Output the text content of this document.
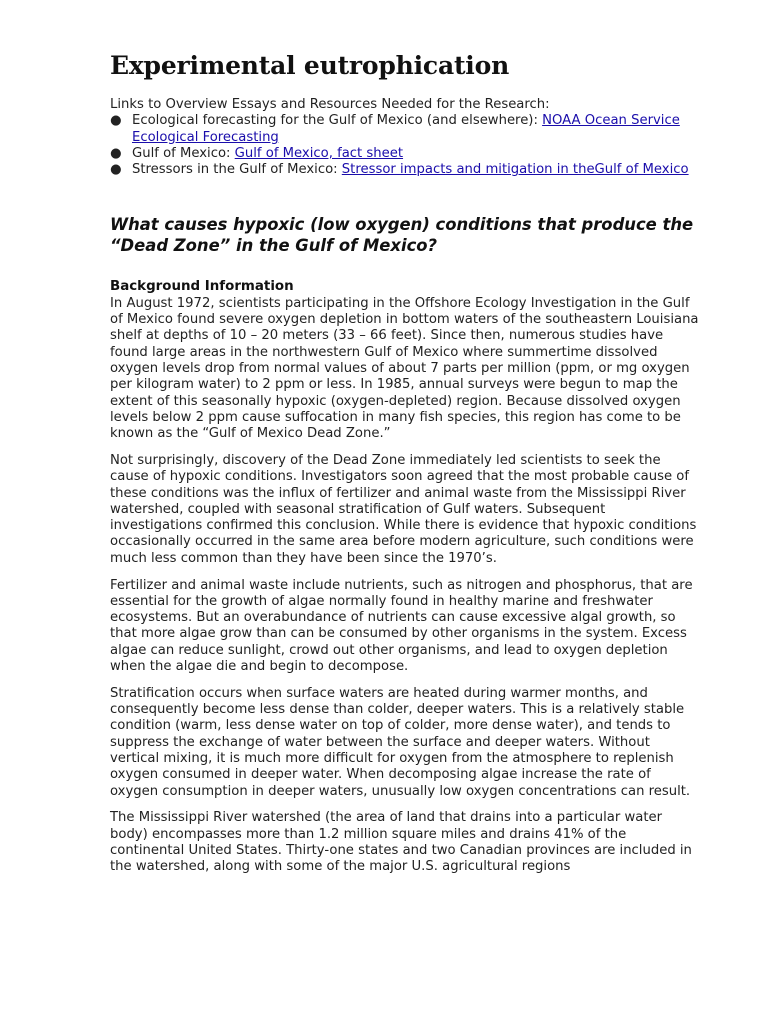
Experimental eutrophication
Links to Overview Essays and Resources Needed for the Research:
● Ecological forecasting for the Gulf of Mexico (and elsewhere): NOAA Ocean Service Ecological Forecasting
● Gulf of Mexico: Gulf of Mexico, fact sheet
● Stressors in the Gulf of Mexico: Stressor impacts and mitigation in theGulf of Mexico
What causes hypoxic (low oxygen) conditions that produce the “Dead Zone” in the Gulf of Mexico?
Background Information

In August 1972, scientists participating in the Offshore Ecology Investigation in the Gulf of Mexico found severe oxygen depletion in bottom waters of the southeastern Louisiana shelf at depths of 10 – 20 meters (33 – 66 feet). Since then, numerous studies have found large areas in the northwestern Gulf of Mexico where summertime dissolved oxygen levels drop from normal values of about 7 parts per million (ppm, or mg oxygen per kilogram water) to 2 ppm or less. In 1985, annual surveys were begun to map the extent of this seasonally hypoxic (oxygen-depleted) region. Because dissolved oxygen levels below 2 ppm cause suffocation in many fish species, this region has come to be known as the “Gulf of Mexico Dead Zone.”

Not surprisingly, discovery of the Dead Zone immediately led scientists to seek the cause of hypoxic conditions. Investigators soon agreed that the most probable cause of these conditions was the influx of fertilizer and animal waste from the Mississippi River watershed, coupled with seasonal stratification of Gulf waters. Subsequent investigations confirmed this conclusion. While there is evidence that hypoxic conditions occasionally occurred in the same area before modern agriculture, such conditions were much less common than they have been since the 1970’s.

Fertilizer and animal waste include nutrients, such as nitrogen and phosphorus, that are essential for the growth of algae normally found in healthy marine and freshwater ecosystems. But an overabundance of nutrients can cause excessive algal growth, so that more algae grow than can be consumed by other organisms in the system. Excess algae can reduce sunlight, crowd out other organisms, and lead to oxygen depletion when the algae die and begin to decompose.

Stratification occurs when surface waters are heated during warmer months, and consequently become less dense than colder, deeper waters. This is a relatively stable condition (warm, less dense water on top of colder, more dense water), and tends to suppress the exchange of water between the surface and deeper waters. Without vertical mixing, it is much more difficult for oxygen from the atmosphere to replenish oxygen consumed in deeper water. When decomposing algae increase the rate of oxygen consumption in deeper waters, unusually low oxygen concentrations can result.

The Mississippi River watershed (the area of land that drains into a particular water body) encompasses more than 1.2 million square miles and drains 41% of the continental United States. Thirty-one states and two Canadian provinces are included in the watershed, along with some of the major U.S. agricultural regions
